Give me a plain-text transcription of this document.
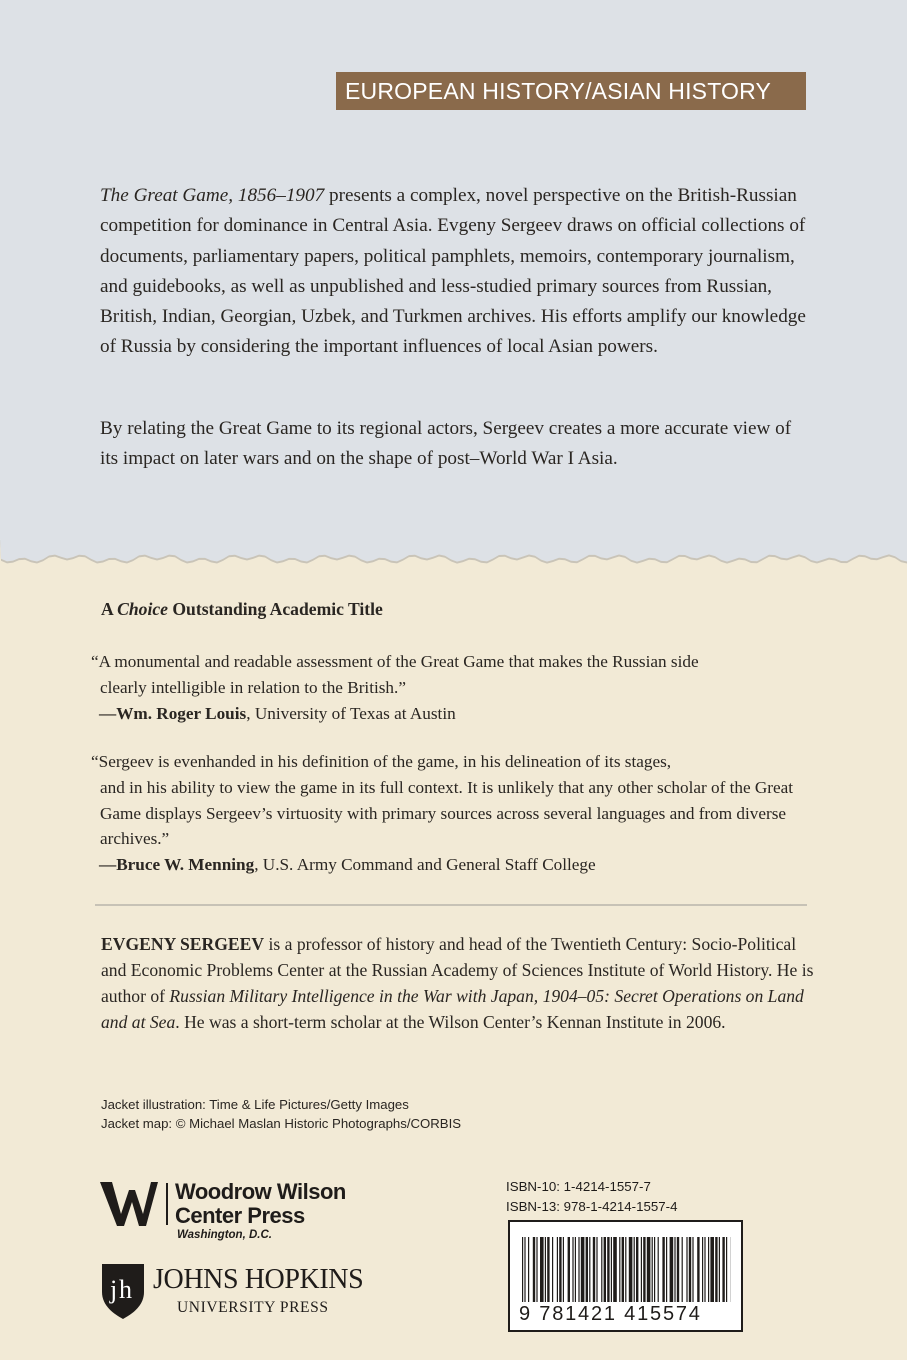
EUROPEAN HISTORY/ASIAN HISTORY

The Great Game, 1856–1907 presents a complex, novel perspective on the British-Russian competition for dominance in Central Asia. Evgeny Sergeev draws on official collections of documents, parliamentary papers, political pamphlets, memoirs, contemporary journalism, and guidebooks, as well as unpublished and less-studied primary sources from Russian, British, Indian, Georgian, Uzbek, and Turkmen archives. His efforts amplify our knowledge of Russia by considering the important influences of local Asian powers.

By relating the Great Game to its regional actors, Sergeev creates a more accurate view of its impact on later wars and on the shape of post–World War I Asia.

A Choice Outstanding Academic Title

“A monumental and readable assessment of the Great Game that makes the Russian side
clearly intelligible in relation to the British.”
—Wm. Roger Louis, University of Texas at Austin

“Sergeev is evenhanded in his definition of the game, in his delineation of its stages,

and in his ability to view the game in its full context. It is unlikely that any other scholar of the Great Game displays Sergeev’s virtuosity with primary sources across several languages and from diverse archives.”
—Bruce W. Menning, U.S. Army Command and General Staff College

EVGENY SERGEEV is a professor of history and head of the Twentieth Century: Socio-Political and Economic Problems Center at the Russian Academy of Sciences Institute of World History. He is author of Russian Military Intelligence in the War with Japan, 1904–05: Secret Operations on Land and at Sea. He was a short-term scholar at the Wilson Center’s Kennan Institute in 2006.

Jacket illustration: Time & Life Pictures/Getty Images
Jacket map: © Michael Maslan Historic Photographs/CORBIS
Woodrow Wilson
Center Press
Washington, D.C.
j h JOHNS HOPKINS
UNIVERSITY PRESS
ISBN-10: 1-4214-1557-7
ISBN-13: 978-1-4214-1557-4
9 781421 415574
